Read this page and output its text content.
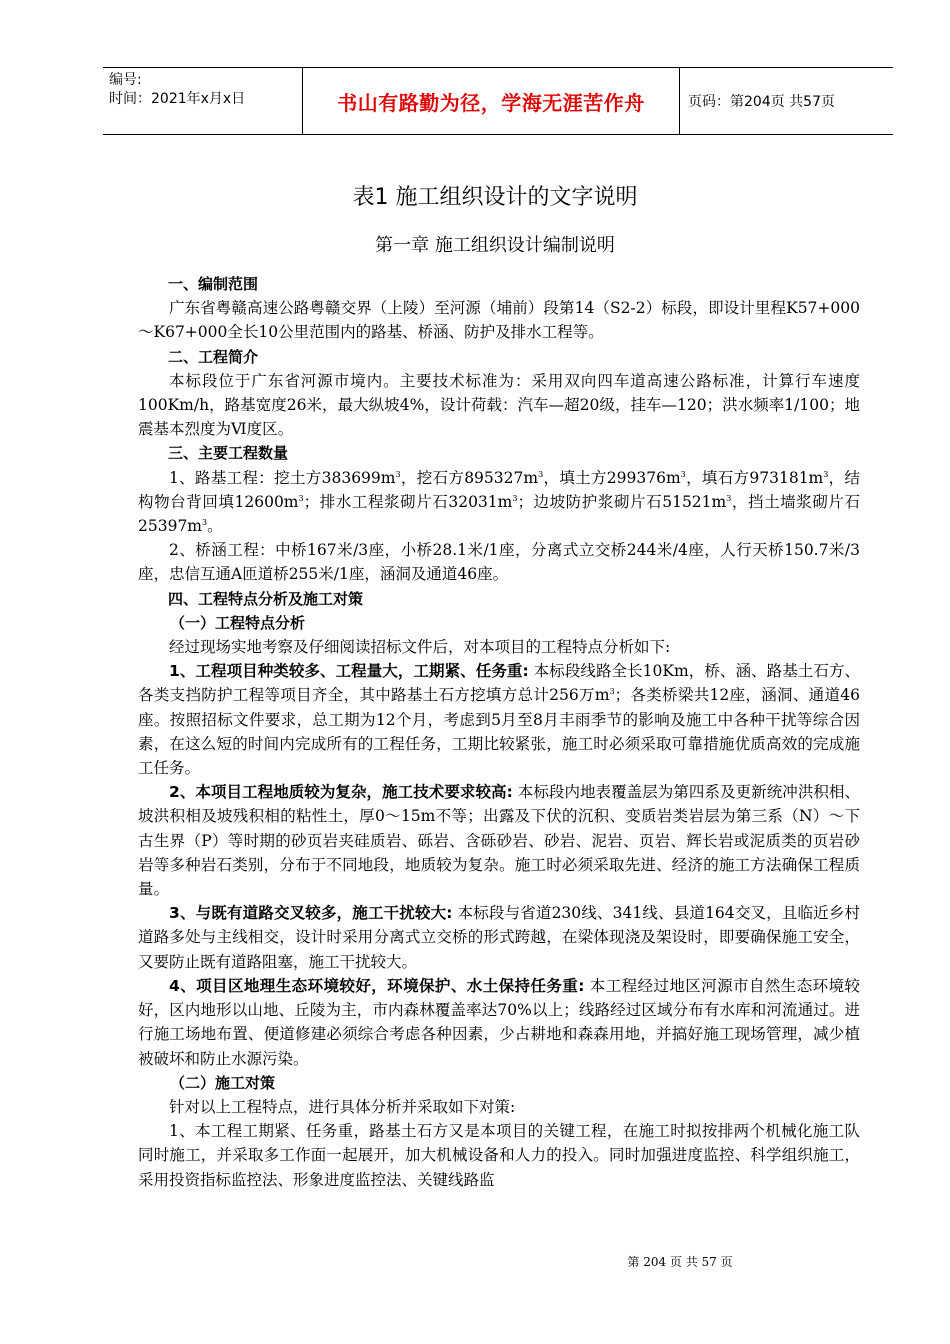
编号:
时间：2021年x月x日	书山有路勤为径，学海无涯苦作舟	页码：第204页 共57页
表1 施工组织设计的文字说明
第一章 施工组织设计编制说明

一、编制范围

广东省粤赣高速公路粤赣交界（上陵）至河源（埔前）段第14（S2-2）标段，即设计里程K57+000～K67+000全长10公里范围内的路基、桥涵、防护及排水工程等。

二、工程简介

本标段位于广东省河源市境内。主要技术标准为：采用双向四车道高速公路标准，计算行车速度100Km/h，路基宽度26米，最大纵坡4%，设计荷载：汽车—超20级，挂车—120；洪水频率1/100；地震基本烈度为Ⅵ度区。

三、主要工程数量

1、路基工程：挖土方$383699m^3$，挖石方$895327m^3$，填土方$299376m^3$，填石方$973181m^3$，结构物台背回填$12600m^3$；排水工程浆砌片石$32031m^3$；边坡防护浆砌片石$51521m^3$，挡土墙浆砌片石$25397m^3$。

2、桥涵工程：中桥167米/3座，小桥28.1米/1座，分离式立交桥244米/4座，人行天桥150.7米/3座，忠信互通A匝道桥255米/1座，涵洞及通道46座。

四、工程特点分析及施工对策

（一）工程特点分析

经过现场实地考察及仔细阅读招标文件后，对本项目的工程特点分析如下:

1、工程项目种类较多、工程量大，工期紧、任务重: 本标段线路全长10Km，桥、涵、路基土石方、各类支挡防护工程等项目齐全，其中路基土石方挖填方总计256万$m^3$；各类桥梁共12座，涵洞、通道46座。按照招标文件要求，总工期为12个月，考虑到5月至8月丰雨季节的影响及施工中各种干扰等综合因素，在这么短的时间内完成所有的工程任务，工期比较紧张，施工时必须采取可靠措施优质高效的完成施工任务。

2、本项目工程地质较为复杂，施工技术要求较高: 本标段内地表覆盖层为第四系及更新统冲洪积相、坡洪积相及坡残积相的粘性土，厚0～15m不等；出露及下伏的沉积、变质岩类岩层为第三系（N）～下古生界（P）等时期的砂页岩夹硅质岩、砾岩、含砾砂岩、砂岩、泥岩、页岩、辉长岩或泥质类的页岩砂岩等多种岩石类别，分布于不同地段，地质较为复杂。施工时必须采取先进、经济的施工方法确保工程质量。

3、与既有道路交叉较多，施工干扰较大: 本标段与省道230线、341线、县道164交叉，且临近乡村道路多处与主线相交，设计时采用分离式立交桥的形式跨越，在梁体现浇及架设时，即要确保施工安全，又要防止既有道路阻塞，施工干扰较大。

4、项目区地理生态环境较好，环境保护、水土保持任务重: 本工程经过地区河源市自然生态环境较好，区内地形以山地、丘陵为主，市内森林覆盖率达70%以上；线路经过区域分布有水库和河流通过。进行施工场地布置、便道修建必须综合考虑各种因素，少占耕地和森森用地，并搞好施工现场管理，减少植被破坏和防止水源污染。

（二）施工对策

针对以上工程特点，进行具体分析并采取如下对策:

1、本工程工期紧、任务重，路基土石方又是本项目的关键工程，在施工时拟按排两个机械化施工队同时施工，并采取多工作面一起展开，加大机械设备和人力的投入。同时加强进度监控、科学组织施工，采用投资指标监控法、形象进度监控法、关键线路监

第 204 页 共 57 页
